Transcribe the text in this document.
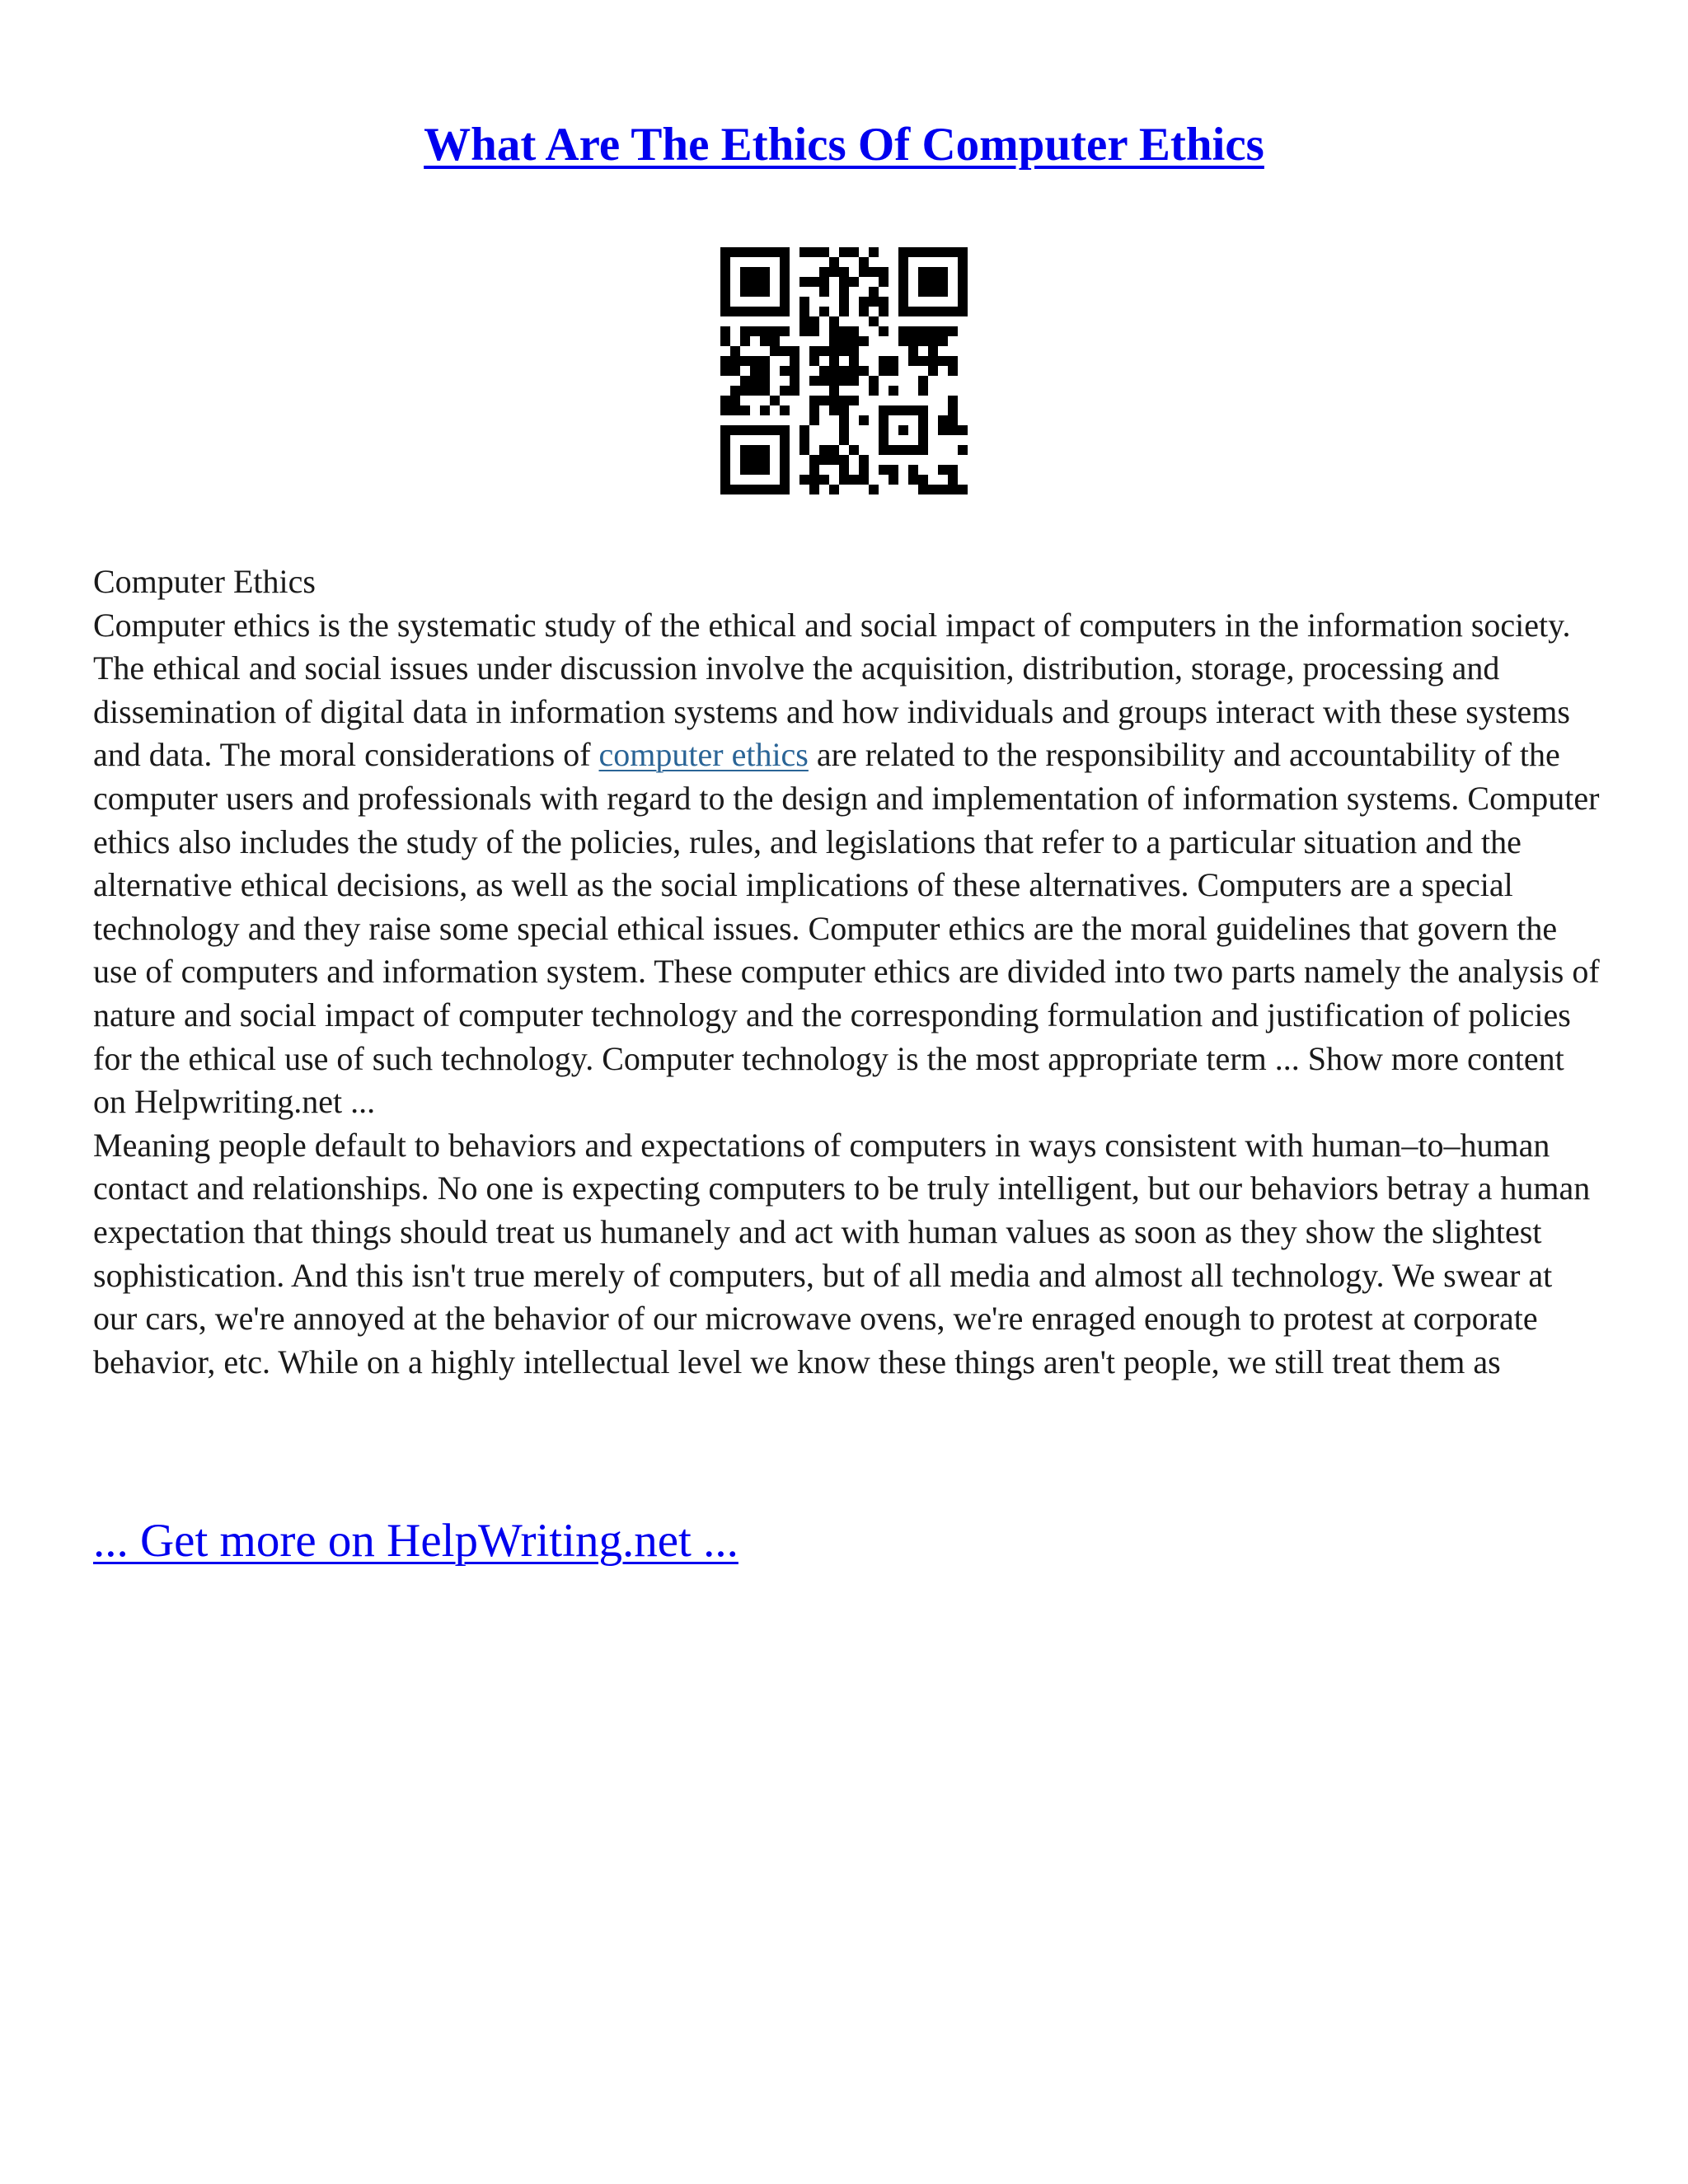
What Are The Ethics Of Computer Ethics

Computer Ethics

Computer ethics is the systematic study of the ethical and social impact of computers in the information society. The ethical and social issues under discussion involve the acquisition, distribution, storage, processing and dissemination of digital data in information systems and how individuals and groups interact with these systems and data. The moral considerations of computer ethics are related to the responsibility and accountability of the computer users and professionals with regard to the design and implementation of information systems. Computer ethics also includes the study of the policies, rules, and legislations that refer to a particular situation and the alternative ethical decisions, as well as the social implications of these alternatives. Computers are a special technology and they raise some special ethical issues. Computer ethics are the moral guidelines that govern the use of computers and information system. These computer ethics are divided into two parts namely the analysis of nature and social impact of computer technology and the corresponding formulation and justification of policies for the ethical use of such technology. Computer technology is the most appropriate term ... Show more content on Helpwriting.net ...

Meaning people default to behaviors and expectations of computers in ways consistent with human–to–human contact and relationships. No one is expecting computers to be truly intelligent, but our behaviors betray a human expectation that things should treat us humanely and act with human values as soon as they show the slightest sophistication. And this isn't true merely of computers, but of all media and almost all technology. We swear at our cars, we're annoyed at the behavior of our microwave ovens, we're enraged enough to protest at corporate behavior, etc. While on a highly intellectual level we know these things aren't people, we still treat them as

... Get more on HelpWriting.net ...
